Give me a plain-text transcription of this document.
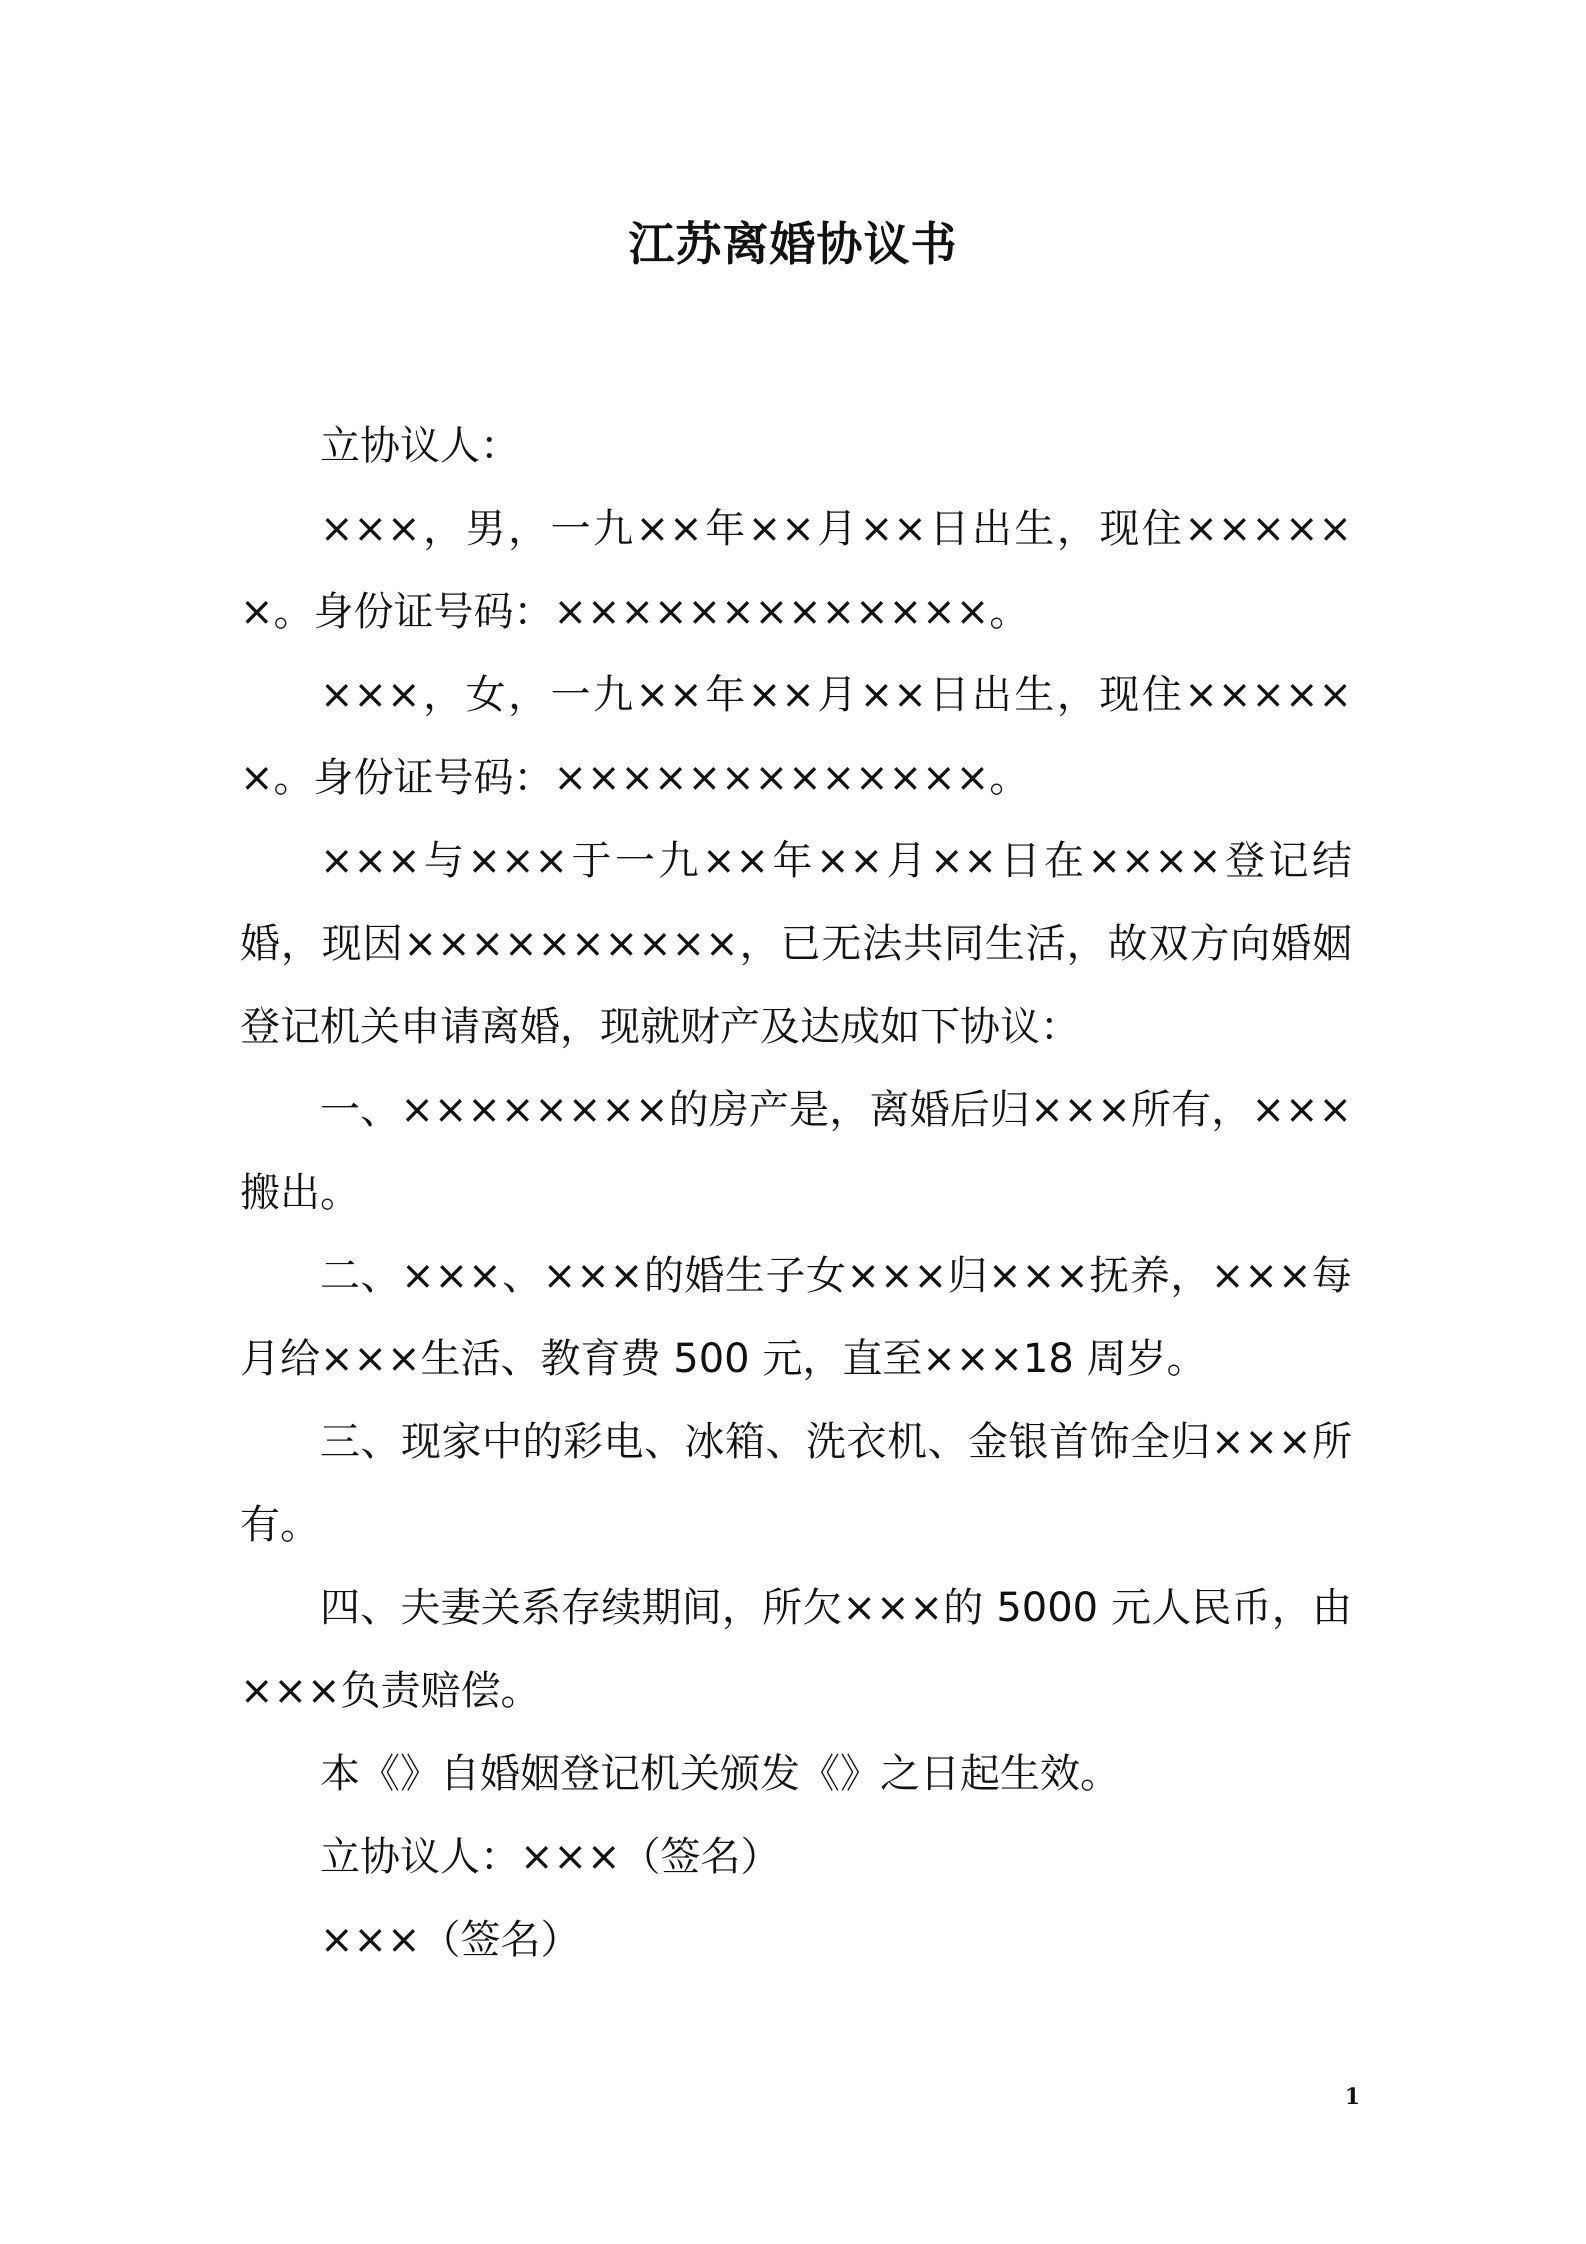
江苏离婚协议书

立协议人：

×××，男，一九××年××月××日出生，现住××××××。身份证号码：×××××××××××××。

×××，女，一九××年××月××日出生，现住××××××。身份证号码：×××××××××××××。

×××与×××于一九××年××月××日在××××登记结婚，现因××××××××××，已无法共同生活，故双方向婚姻登记机关申请离婚，现就财产及达成如下协议：

一、××××××××的房产是，离婚后归×××所有，×××搬出。

二、×××、×××的婚生子女×××归×××抚养，×××每月给×××生活、教育费 500 元，直至×××18 周岁。

三、现家中的彩电、冰箱、洗衣机、金银首饰全归×××所有。

四、夫妻关系存续期间，所欠×××的 5000 元人民币，由×××负责赔偿。

本《》自婚姻登记机关颁发《》之日起生效。

立协议人：×××（签名）

×××（签名）

1
